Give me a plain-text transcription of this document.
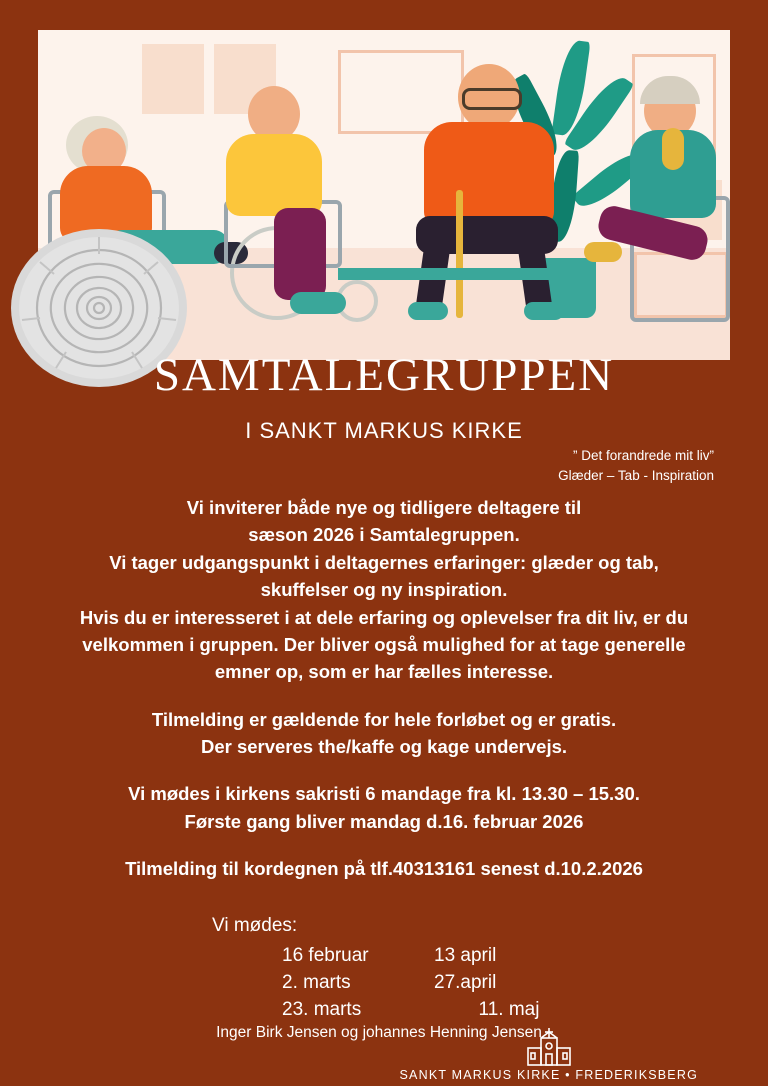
SAMTALEGRUPPEN
I SANKT MARKUS KIRKE
” Det forandrede mit liv”
Glæder – Tab - Inspiration

Vi inviterer både nye og tidligere deltagere til

sæson 2026 i Samtalegruppen.

Vi tager udgangspunkt i deltagernes erfaringer: glæder og tab,

skuffelser og ny inspiration.

Hvis du er interesseret i at dele erfaring og oplevelser fra dit liv, er du

velkommen i gruppen. Der bliver også mulighed for at tage generelle

emner op, som er har fælles interesse.

Tilmelding er gældende for hele forløbet og er gratis.

Der serveres the/kaffe og kage undervejs.

Vi mødes i kirkens sakristi 6 mandage fra kl. 13.30 – 15.30.

Første gang bliver mandag d.16. februar 2026

Tilmelding til kordegnen på tlf.40313161 senest d.10.2.2026

Vi mødes:
16 februar	13 april
2. marts	27.april
23. marts	11. maj
Inger Birk Jensen og johannes Henning Jensen
SANKT MARKUS KIRKE • FREDERIKSBERG
